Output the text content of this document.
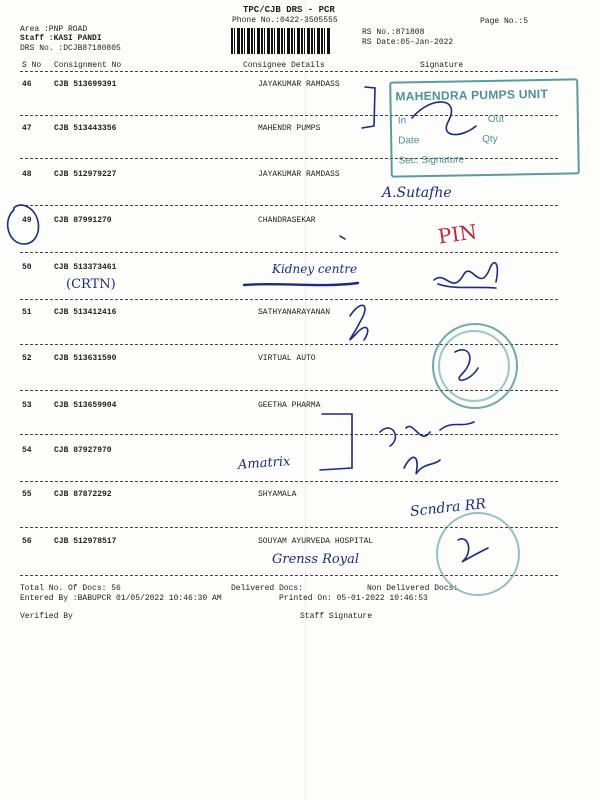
TPC/CJB DRS - PCR
Phone No.:0422-3505555
Area :PNP ROAD
Staff :KASI PANDI
DRS No. :DCJB87180805
RS No.:871808
RS Date:05-Jan-2022
Page No.:5
S No Consignment No	Consignee Details	Signature
46	CJB 513699391	JAYAKUMAR RAMDASS
47	CJB 513443356	MAHENDR PUMPS
48	CJB 512979227	JAYAKUMAR RAMDASS
49	CJB 87991270	CHANDRASEKAR
50	CJB 513373461
51	CJB 513412416	SATHYANARAYANAN
52	CJB 513631590	VIRTUAL AUTO
53	CJB 513659904	GEETHA PHARMA
54	CJB 87927970
55	CJB 87872292	SHYAMALA
56	CJB 512978517	SOUYAM AYURVEDA HOSPITAL
Total No. Of Docs: 56	Delivered Docs:	Non Delivered Docs:
Entered By :BABUPCR 01/05/2022 10:46:30 AM	Printed On: 05-01-2022 10:46:53
Verified By	Staff Signature
MAHENDRA PUMPS UNIT
In	Out
Date	Qty
Sec. Signature
(CRTN)
Kidney centre
A.Sutafhe
PIN
Amatrix
Scndra RR
Grenss Royal
